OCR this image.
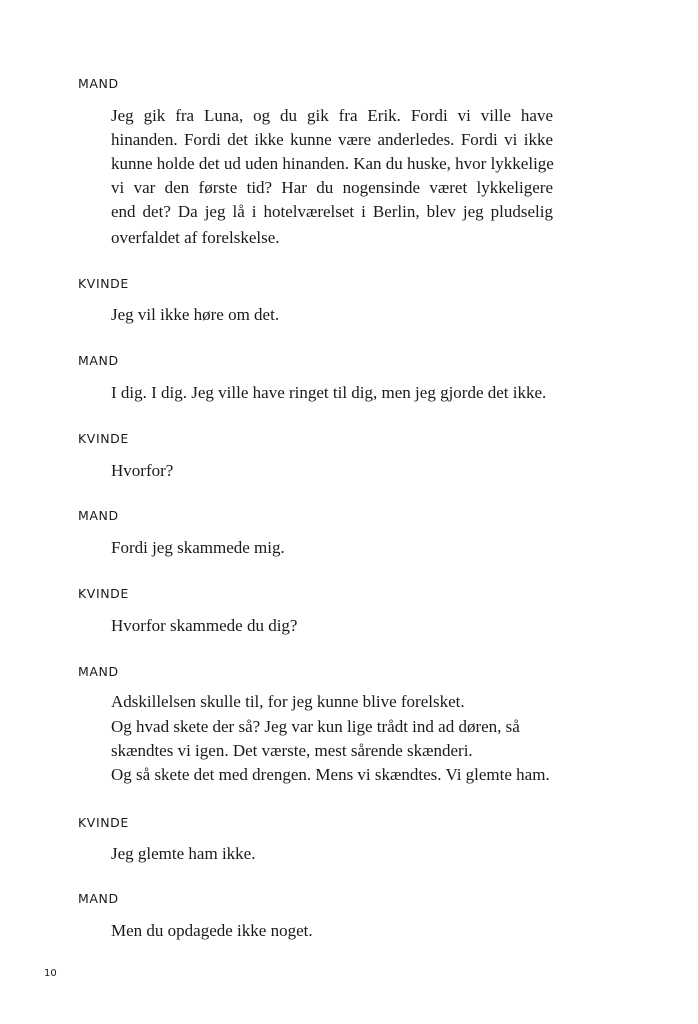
MAND
Jeg gik fra Luna, og du gik fra Erik. Fordi vi ville have
hinanden. Fordi det ikke kunne være anderledes. Fordi vi ikke
kunne holde det ud uden hinanden. Kan du huske, hvor lykkelige
vi var den første tid? Har du nogensinde været lykkeligere
end det? Da jeg lå i hotelværelset i Berlin, blev jeg pludselig
overfaldet af forelskelse.
KVINDE
Jeg vil ikke høre om det.
MAND
I dig. I dig. Jeg ville have ringet til dig, men jeg gjorde det ikke.
KVINDE
Hvorfor?
MAND
Fordi jeg skammede mig.
KVINDE
Hvorfor skammede du dig?
MAND
Adskillelsen skulle til, for jeg kunne blive forelsket.
Og hvad skete der så? Jeg var kun lige trådt ind ad døren, så
skændtes vi igen. Det værste, mest sårende skænderi.
Og så skete det med drengen. Mens vi skændtes. Vi glemte ham.
KVINDE
Jeg glemte ham ikke.
MAND
Men du opdagede ikke noget.
10
